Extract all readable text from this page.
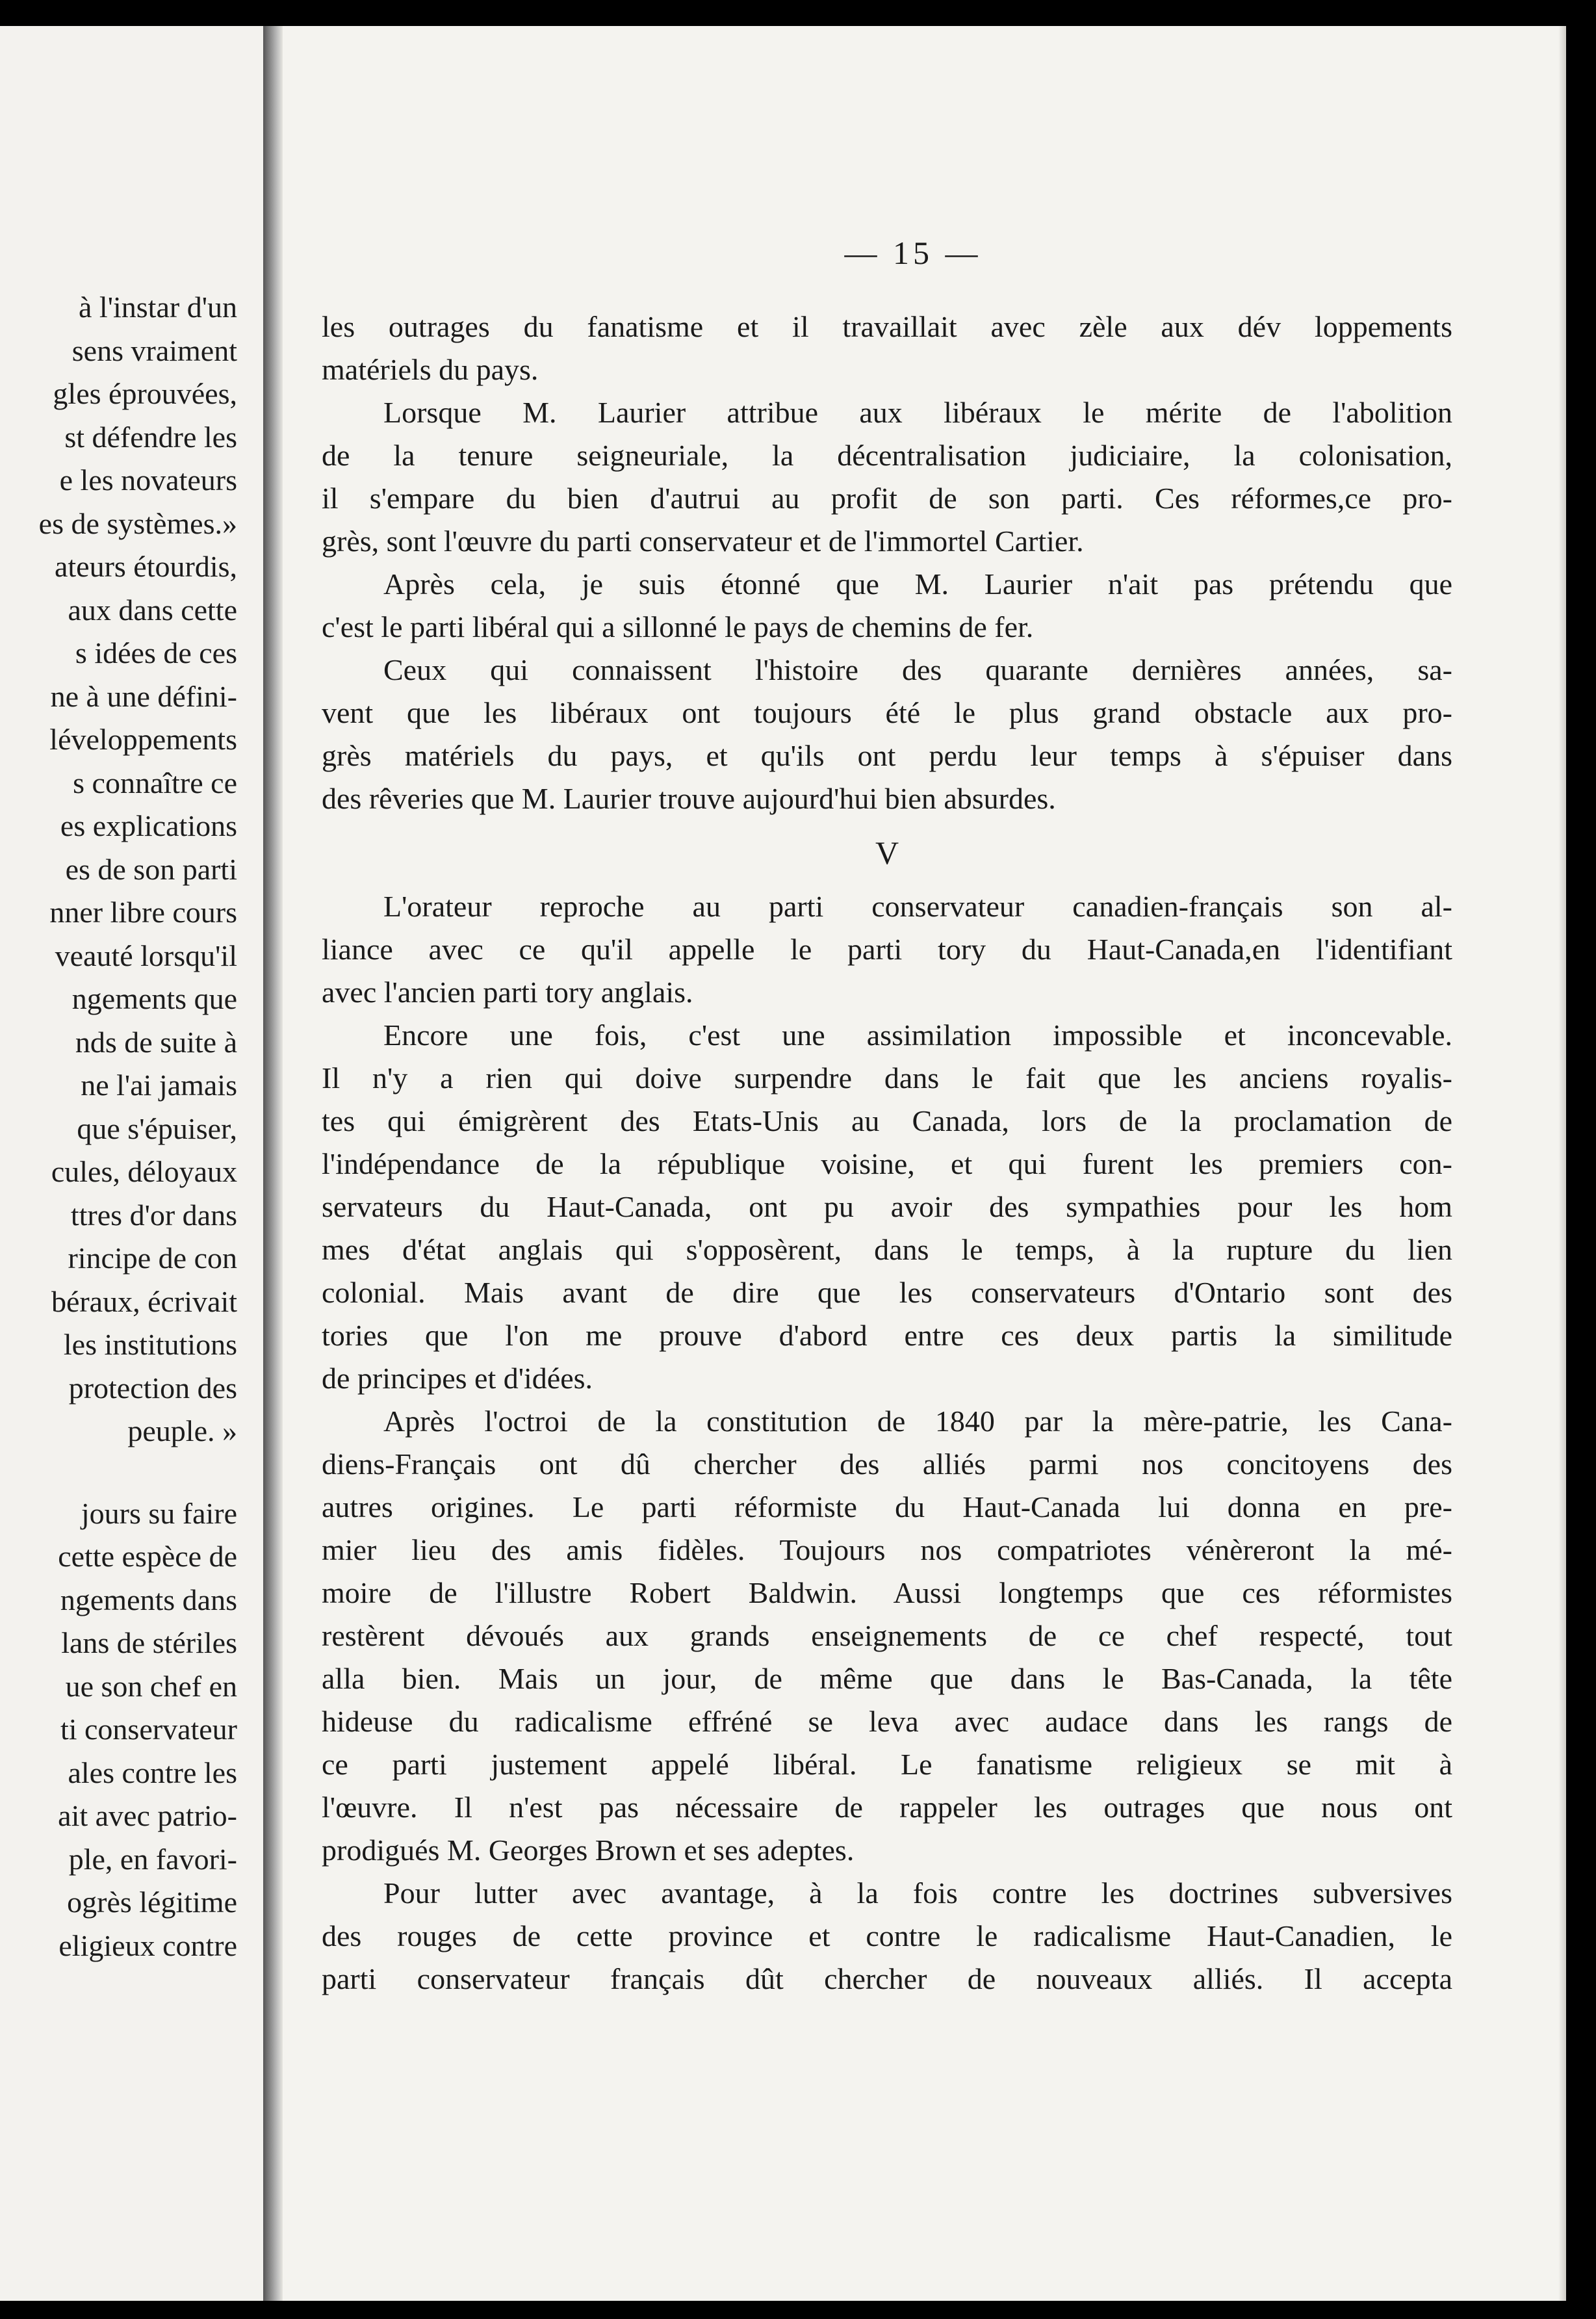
à l'instar d'un
sens vraiment
gles éprouvées,
st défendre les
e les novateurs
es de systèmes.»
ateurs étourdis,
aux dans cette
s idées de ces
ne à une défini-
léveloppements
s connaître ce
es explications
es de son parti
nner libre cours
veauté lorsqu'il
ngements que
nds de suite à
ne l'ai jamais
que s'épuiser,
cules, déloyaux
ttres d'or dans
rincipe de con
béraux, écrivait
les institutions
protection des
peuple. »
jours su faire
cette espèce de
ngements dans
lans de stériles
ue son chef en
ti conservateur
ales contre les
ait avec patrio-
ple, en favori-
ogrès légitime
eligieux contre
— 15 —
les outrages du fanatisme et il travaillait avec zèle aux dév loppements
matériels du pays.
Lorsque M. Laurier attribue aux libéraux le mérite de l'abolition
de la tenure seigneuriale, la décentralisation judiciaire, la colonisation,
il s'empare du bien d'autrui au profit de son parti. Ces réformes,ce pro-
grès, sont l'œuvre du parti conservateur et de l'immortel Cartier.
Après cela, je suis étonné que M. Laurier n'ait pas prétendu que
c'est le parti libéral qui a sillonné le pays de chemins de fer.
Ceux qui connaissent l'histoire des quarante dernières années, sa-
vent que les libéraux ont toujours été le plus grand obstacle aux pro-
grès matériels du pays, et qu'ils ont perdu leur temps à s'épuiser dans
des rêveries que M. Laurier trouve aujourd'hui bien absurdes.
V
L'orateur reproche au parti conservateur canadien-français son al-
liance avec ce qu'il appelle le parti tory du Haut-Canada,en l'identifiant
avec l'ancien parti tory anglais.
Encore une fois, c'est une assimilation impossible et inconcevable.
Il n'y a rien qui doive surpendre dans le fait que les anciens royalis-
tes qui émigrèrent des Etats-Unis au Canada, lors de la proclamation de
l'indépendance de la république voisine, et qui furent les premiers con-
servateurs du Haut-Canada, ont pu avoir des sympathies pour les hom
mes d'état anglais qui s'opposèrent, dans le temps, à la rupture du lien
colonial. Mais avant de dire que les conservateurs d'Ontario sont des
tories que l'on me prouve d'abord entre ces deux partis la similitude
de principes et d'idées.
Après l'octroi de la constitution de 1840 par la mère-patrie, les Cana-
diens-Français ont dû chercher des alliés parmi nos concitoyens des
autres origines. Le parti réformiste du Haut-Canada lui donna en pre-
mier lieu des amis fidèles. Toujours nos compatriotes vénèreront la mé-
moire de l'illustre Robert Baldwin. Aussi longtemps que ces réformistes
restèrent dévoués aux grands enseignements de ce chef respecté, tout
alla bien. Mais un jour, de même que dans le Bas-Canada, la tête
hideuse du radicalisme effréné se leva avec audace dans les rangs de
ce parti justement appelé libéral. Le fanatisme religieux se mit à
l'œuvre. Il n'est pas nécessaire de rappeler les outrages que nous ont
prodigués M. Georges Brown et ses adeptes.
Pour lutter avec avantage, à la fois contre les doctrines subversives
des rouges de cette province et contre le radicalisme Haut-Canadien, le
parti conservateur français dût chercher de nouveaux alliés. Il accepta
